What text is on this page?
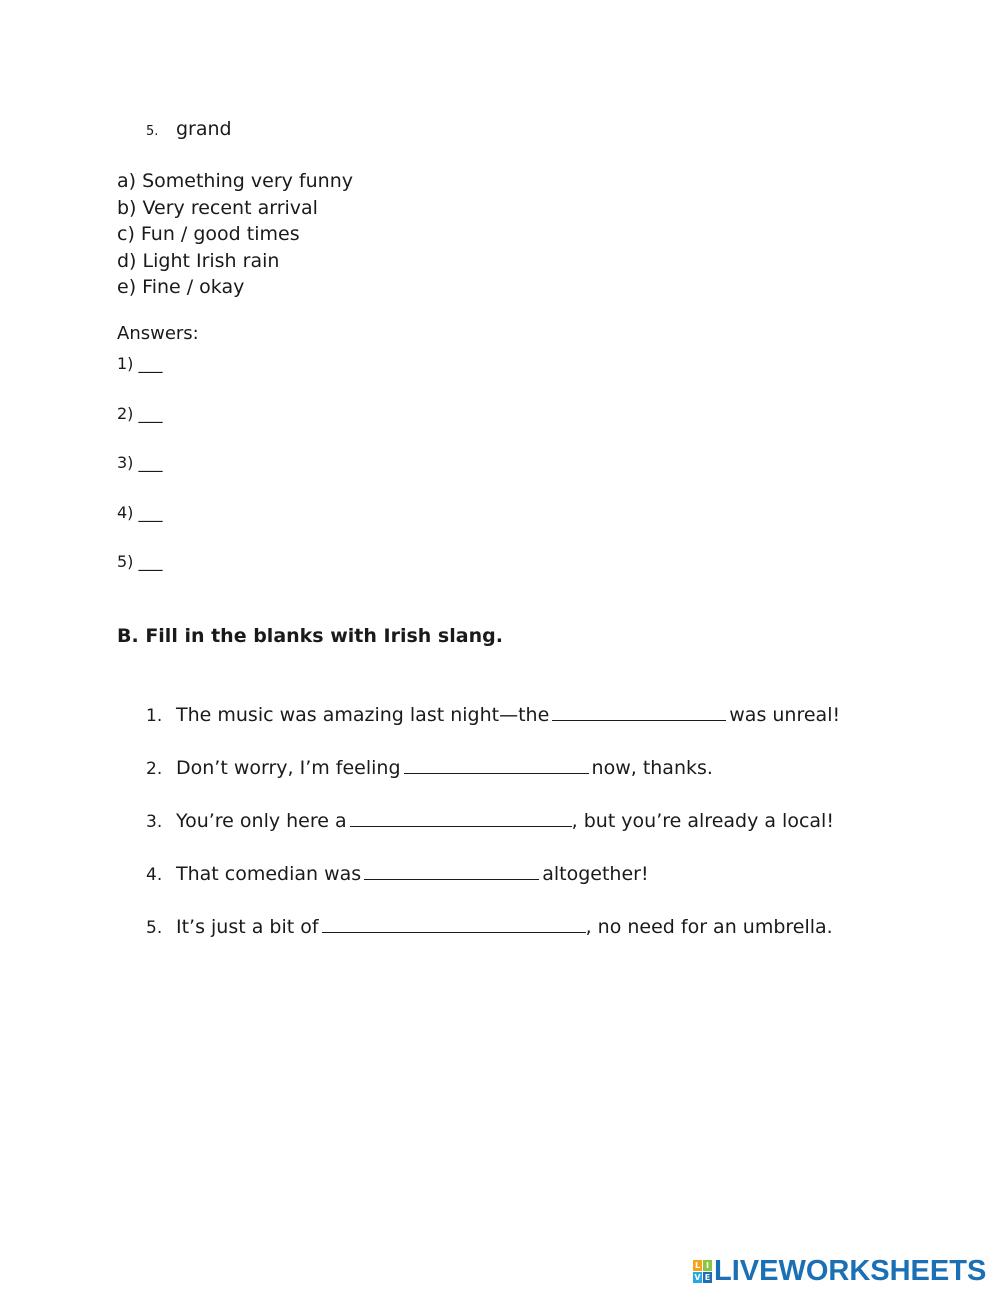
5. grand
a) Something very funny
b) Very recent arrival
c) Fun / good times
d) Light Irish rain
e) Fine / okay
Answers:
1) ___
2) ___
3) ___
4) ___
5) ___
B. Fill in the blanks with Irish slang.
1. The music was amazing last night—the	was unreal!
2. Don’t worry, I’m feeling	now, thanks.
3. You’re only here a	, but you’re already a local!
4. That comedian was	altogether!
5. It’s just a bit of	, no need for an umbrella.
L I
V E LIVEWORKSHEETS
